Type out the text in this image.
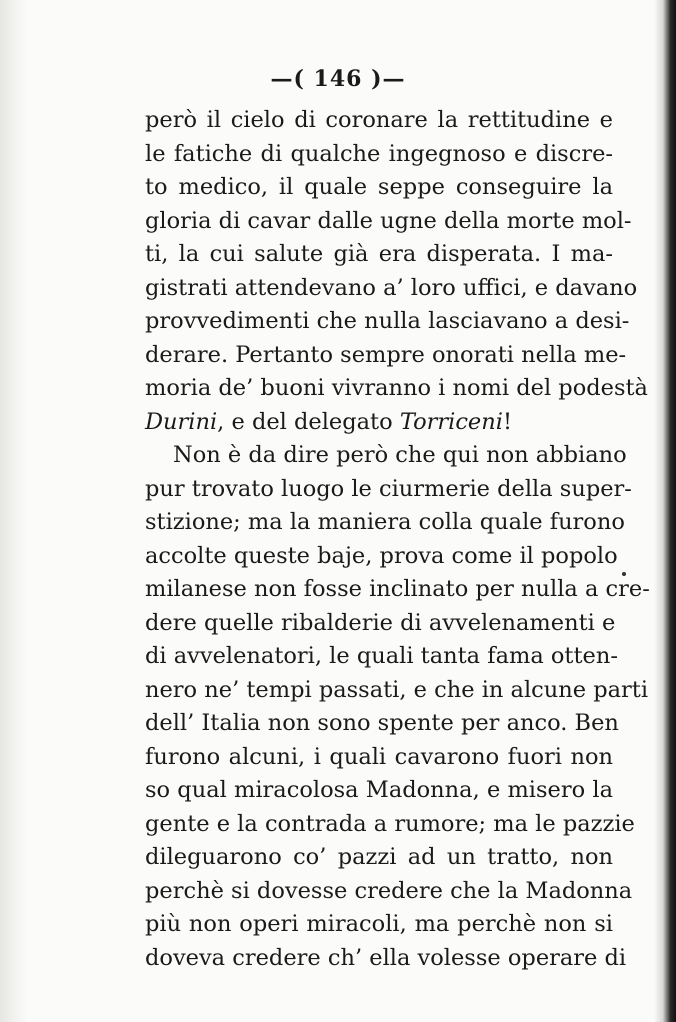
—( 146 )—
però il cielo di coronare la rettitudine e
le fatiche di qualche ingegnoso e discre-
to medico, il quale seppe conseguire la
gloria di cavar dalle ugne della morte mol-
ti, la cui salute già era disperata. I ma-
gistrati attendevano a’ loro uffici, e davano
provvedimenti che nulla lasciavano a desi-
derare. Pertanto sempre onorati nella me-
moria de’ buoni vivranno i nomi del podestà
Durini, e del delegato Torriceni!
Non è da dire però che qui non abbiano
pur trovato luogo le ciurmerie della super-
stizione; ma la maniera colla quale furono
accolte queste baje, prova come il popolo
milanese non fosse inclinato per nulla a cre-
dere quelle ribalderie di avvelenamenti e
di avvelenatori, le quali tanta fama otten-
nero ne’ tempi passati, e che in alcune parti
dell’ Italia non sono spente per anco. Ben
furono alcuni, i quali cavarono fuori non
so qual miracolosa Madonna, e misero la
gente e la contrada a rumore; ma le pazzie
dileguarono co’ pazzi ad un tratto, non
perchè si dovesse credere che la Madonna
più non operi miracoli, ma perchè non si
doveva credere ch’ ella volesse operare di
